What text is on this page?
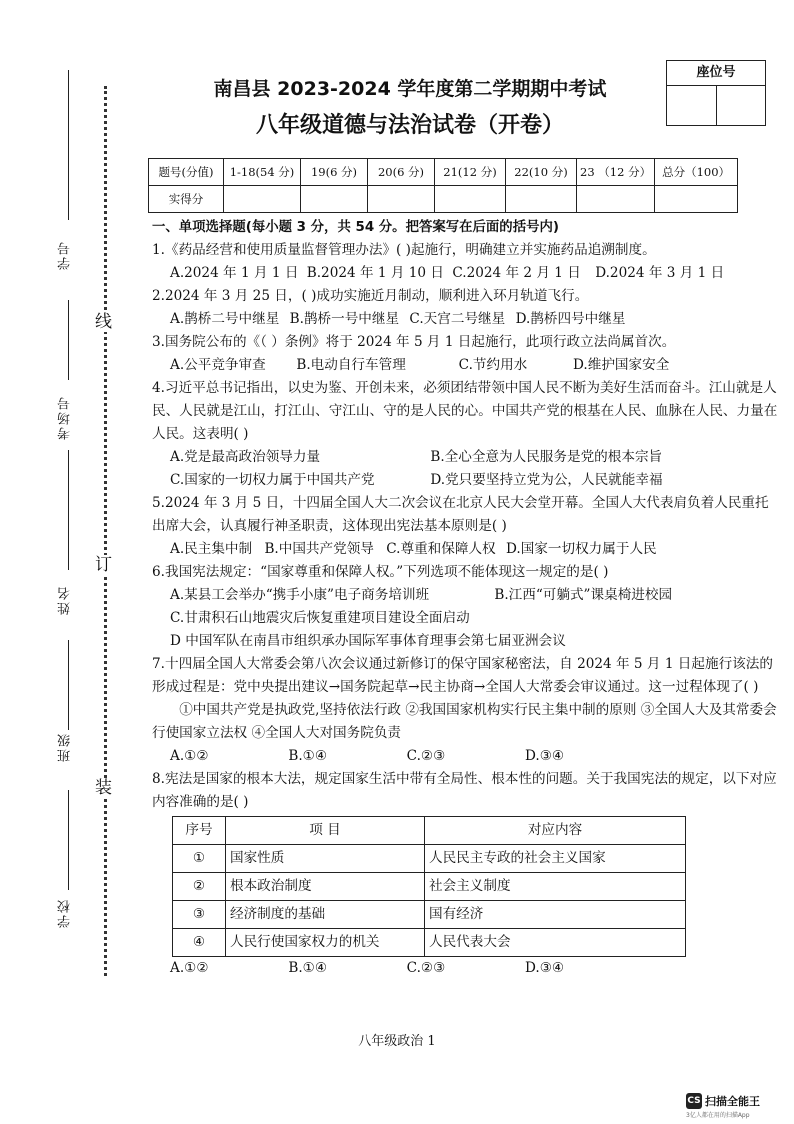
学号
考场号
姓名
班级
学校
线
订
装
南昌县 2023-2024 学年度第二学期期中考试
八年级道德与法治试卷（开卷）
座位号
题号(分值)	1-18(54 分)	19(6 分)	20(6 分)	21(12 分)	22(10 分)	23 （12 分）	总分（100）
实得分							
一、单项选择题(每小题 3 分，共 54 分。把答案写在后面的括号内)
1.《药品经营和使用质量监督管理办法》( )起施行，明确建立并实施药品追溯制度。
A.2024 年 1 月 1 日 B.2024 年 1 月 10 日 C.2024 年 2 月 1 日 D.2024 年 3 月 1 日
2.2024 年 3 月 25 日，( )成功实施近月制动，顺利进入环月轨道飞行。
A.鹊桥二号中继星 B.鹊桥一号中继星 C.天宫二号继星 D.鹊桥四号中继星
3.国务院公布的《（ ）条例》将于 2024 年 5 月 1 日起施行，此项行政立法尚属首次。
A.公平竞争审查 B.电动自行车管理	C.节约用水	D.维护国家安全
4.习近平总书记指出，以史为鉴、开创未来，必须团结带领中国人民不断为美好生活而奋斗。江山就是人民、人民就是江山，打江山、守江山、守的是人民的心。中国共产党的根基在人民、血脉在人民、力量在人民。这表明( )
A.党是最高政治领导力量	B.全心全意为人民服务是党的根本宗旨
C.国家的一切权力属于中国共产党	D.党只要坚持立党为公，人民就能幸福
5.2024 年 3 月 5 日，十四届全国人大二次会议在北京人民大会堂开幕。全国人大代表肩负着人民重托出席大会，认真履行神圣职责，这体现出宪法基本原则是( )
A.民主集中制 B.中国共产党领导 C.尊重和保障人权 D.国家一切权力属于人民
6.我国宪法规定：“国家尊重和保障人权。”下列选项不能体现这一规定的是( )
A.某县工会举办“携手小康”电子商务培训班	B.江西“可躺式”课桌椅进校园
C.甘肃积石山地震灾后恢复重建项目建设全面启动
D 中国军队在南昌市组织承办国际军事体育理事会第七届亚洲会议
7.十四届全国人大常委会第八次会议通过新修订的保守国家秘密法，自 2024 年 5 月 1 日起施行该法的形成过程是：党中央提出建议→国务院起草→民主协商→全国人大常委会审议通过。这一过程体现了( )
①中国共产党是执政党,坚持依法行政 ②我国国家机构实行民主集中制的原则 ③全国人大及其常委会行使国家立法权 ④全国人大对国务院负责
A.①②	B.①④	C.②③	D.③④
8.宪法是国家的根本大法，规定国家生活中带有全局性、根本性的问题。关于我国宪法的规定，以下对应内容准确的是( )
序号	项 目	对应内容
①	国家性质	人民民主专政的社会主义国家
②	根本政治制度	社会主义制度
③	经济制度的基础	国有经济
④	人民行使国家权力的机关	人民代表大会
A.①②	B.①④	C.②③	D.③④
八年级政治 1
CS 扫描全能王
3亿人都在用的扫描App
